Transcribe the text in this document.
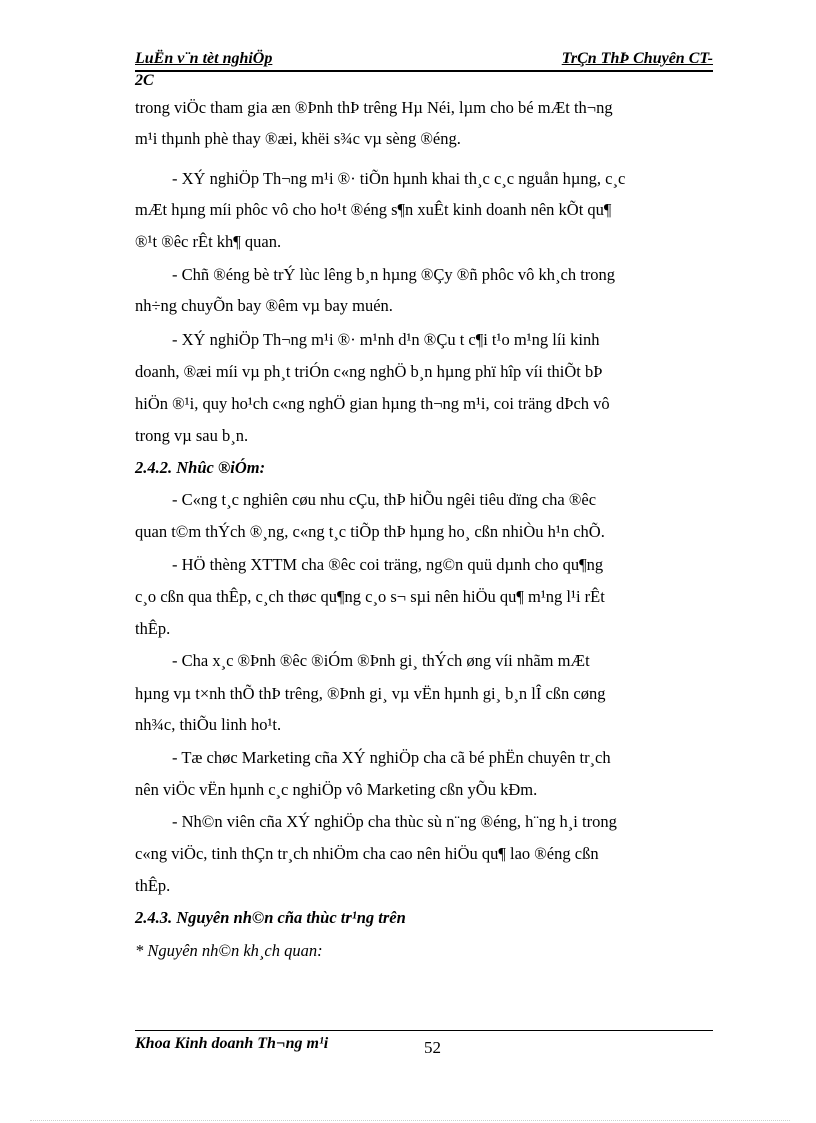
LuËn v¨n tèt nghiÖp	TrÇn ThÞ Chuyên CT-
2C
trong viÖc tham gia æn ®Þnh thÞ trêng Hµ Néi, lµm cho bé mÆt th¬ng
m¹i thµnh phè thay ®æi, khëi s¾c vµ sèng ®éng.
- XÝ nghiÖp Th¬ng m¹i ®· tiÕn hµnh khai th¸c c¸c nguån hµng, c¸c
mÆt hµng míi phôc vô cho ho¹t ®éng s¶n xuÊt kinh doanh nên kÕt qu¶
®¹t ®êc rÊt kh¶ quan.
- Chñ ®éng bè trÝ lùc lêng b¸n hµng ®Çy ®ñ phôc vô kh¸ch trong
nh÷ng chuyÕn bay ®êm vµ bay muén.
- XÝ nghiÖp Th¬ng m¹i ®· m¹nh d¹n ®Çu t c¶i t¹o m¹ng líi kinh
doanh, ®æi míi vµ ph¸t triÓn c«ng nghÖ b¸n hµng phï hîp víi thiÕt bÞ
hiÖn ®¹i, quy ho¹ch c«ng nghÖ gian hµng th¬ng m¹i, coi träng dÞch vô
trong vµ sau b¸n.
2.4.2. Nhûc ®iÓm:
- C«ng t¸c nghiên cøu nhu cÇu, thÞ hiÕu ngêi tiêu dïng cha ®êc
quan t©m thÝch ®¸ng, c«ng t¸c tiÕp thÞ hµng ho¸ cßn nhiÒu h¹n chÕ.
- HÖ thèng XTTM cha ®êc coi träng, ng©n quü dµnh cho qu¶ng
c¸o cßn qua thÊp, c¸ch thøc qu¶ng c¸o s¬ sµi nên hiÖu qu¶ m¹ng l¹i rÊt
thÊp.
- Cha x¸c ®Þnh ®êc ®iÓm ®Þnh gi¸ thÝch øng víi nhãm mÆt
hµng vµ t×nh thÕ thÞ trêng, ®Þnh gi¸ vµ vËn hµnh gi¸ b¸n lÎ cßn cøng
nh¾c, thiÕu linh ho¹t.
- Tæ chøc Marketing cña XÝ nghiÖp cha cã bé phËn chuyên tr¸ch
nên viÖc vËn hµnh c¸c nghiÖp vô Marketing cßn yÕu kÐm.
- Nh©n viên cña XÝ nghiÖp cha thùc sù n¨ng ®éng, h¨ng h¸i trong
c«ng viÖc, tinh thÇn tr¸ch nhiÖm cha cao nên hiÖu qu¶ lao ®éng cßn
thÊp.
2.4.3. Nguyên nh©n cña thùc tr¹ng trên
* Nguyên nh©n kh¸ch quan:
Khoa Kinh doanh Th¬ng m¹i	52
